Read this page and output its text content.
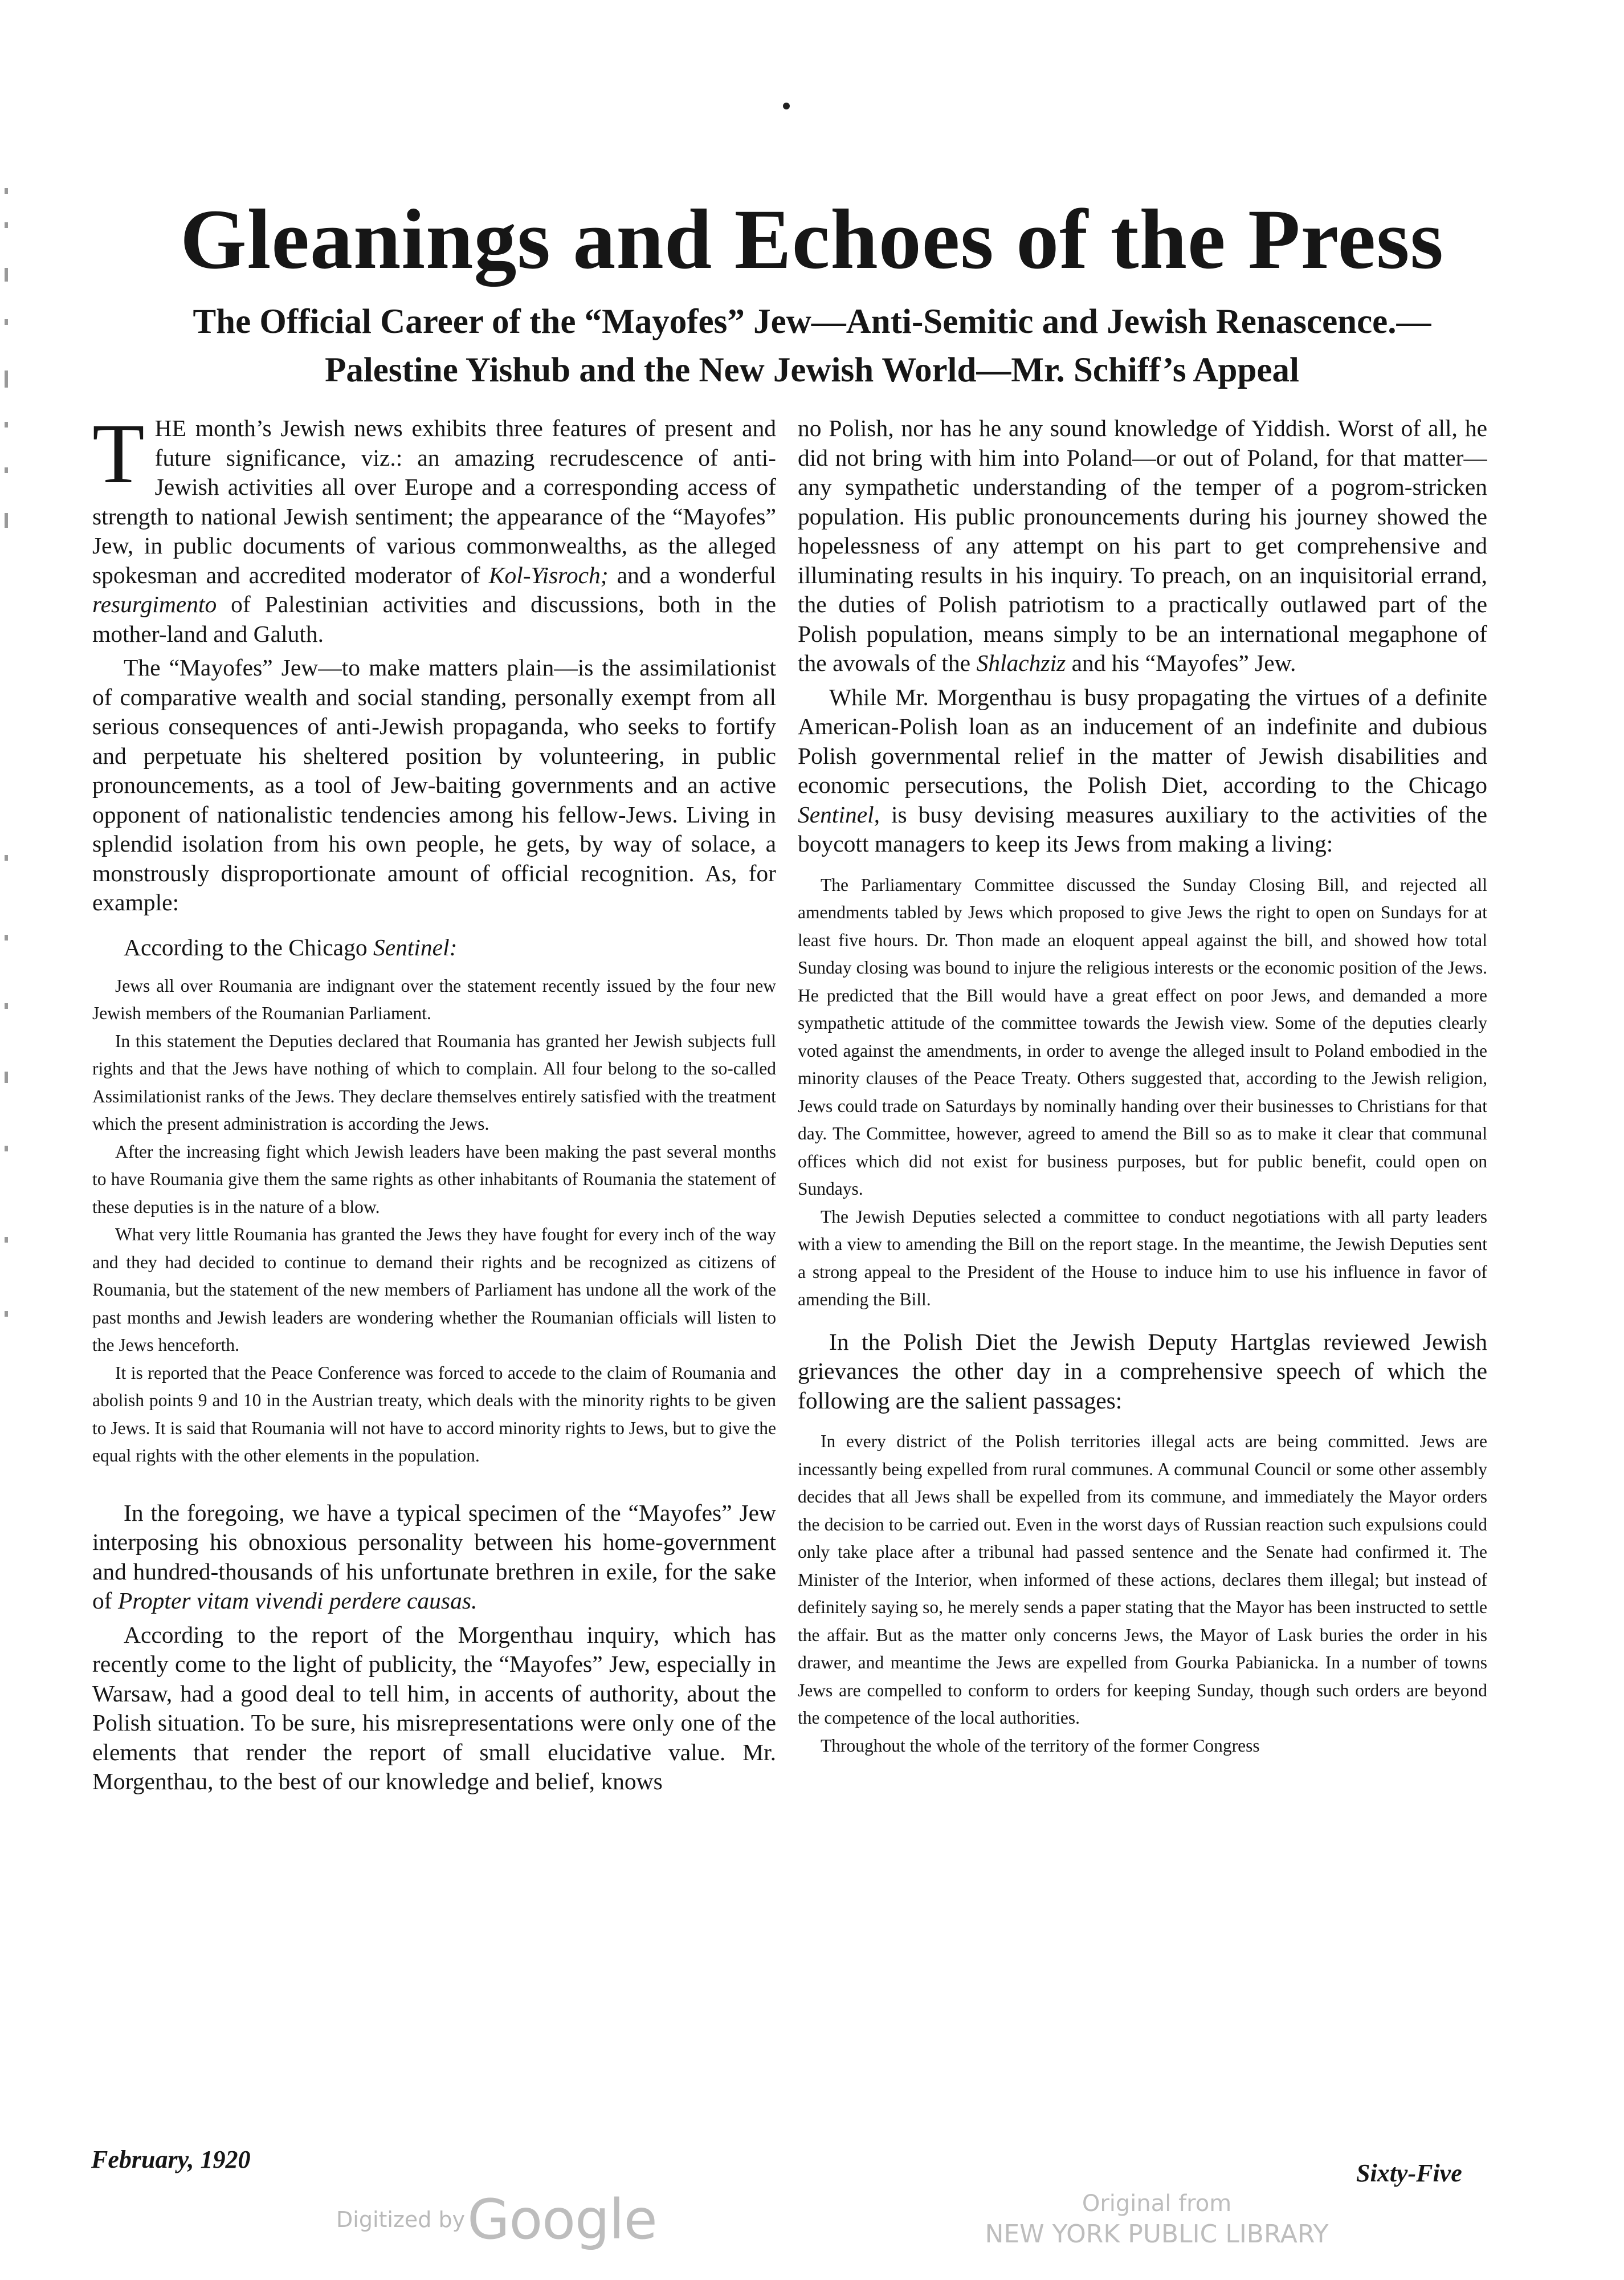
Gleanings and Echoes of the Press
The Official Career of the “Mayofes” Jew—Anti-Semitic and Jewish Renascence.—
Palestine Yishub and the New Jewish World—Mr. Schiff’s Appeal

THE month’s Jewish news exhibits three features of present and future significance, viz.: an amazing recrudescence of anti-Jewish activities all over Europe and a corresponding access of strength to national Jewish sentiment; the appearance of the “Mayofes” Jew, in public documents of various commonwealths, as the alleged spokesman and accredited moderator of Kol-Yisroch; and a wonderful resurgimento of Palestinian activities and discussions, both in the mother-land and Galuth.

The “Mayofes” Jew—to make matters plain—is the assimilationist of comparative wealth and social standing, personally exempt from all serious consequences of anti-Jewish propaganda, who seeks to fortify and perpetuate his sheltered position by volunteering, in public pronouncements, as a tool of Jew-baiting governments and an active opponent of nationalistic tendencies among his fellow-Jews. Living in splendid isolation from his own people, he gets, by way of solace, a monstrously disproportionate amount of official recognition. As, for example:

According to the Chicago Sentinel:

Jews all over Roumania are indignant over the statement recently issued by the four new Jewish members of the Roumanian Parliament.

In this statement the Deputies declared that Roumania has granted her Jewish subjects full rights and that the Jews have nothing of which to complain. All four belong to the so-called Assimilationist ranks of the Jews. They declare themselves entirely satisfied with the treatment which the present administration is according the Jews.

After the increasing fight which Jewish leaders have been making the past several months to have Roumania give them the same rights as other inhabitants of Roumania the statement of these deputies is in the nature of a blow.

What very little Roumania has granted the Jews they have fought for every inch of the way and they had decided to continue to demand their rights and be recognized as citizens of Roumania, but the statement of the new members of Parliament has undone all the work of the past months and Jewish leaders are wondering whether the Roumanian officials will listen to the Jews henceforth.

It is reported that the Peace Conference was forced to accede to the claim of Roumania and abolish points 9 and 10 in the Austrian treaty, which deals with the minority rights to be given to Jews. It is said that Roumania will not have to accord minority rights to Jews, but to give the equal rights with the other elements in the population.

In the foregoing, we have a typical specimen of the “Mayofes” Jew interposing his obnoxious personality between his home-government and hundred-thousands of his unfortunate brethren in exile, for the sake of Propter vitam vivendi perdere causas.

According to the report of the Morgenthau inquiry, which has recently come to the light of publicity, the “Mayofes” Jew, especially in Warsaw, had a good deal to tell him, in accents of authority, about the Polish situation. To be sure, his misrepresentations were only one of the elements that render the report of small elucidative value. Mr. Morgenthau, to the best of our knowledge and belief, knows

no Polish, nor has he any sound knowledge of Yiddish. Worst of all, he did not bring with him into Poland—or out of Poland, for that matter—any sympathetic understanding of the temper of a pogrom-stricken population. His public pronouncements during his journey showed the hopelessness of any attempt on his part to get comprehensive and illuminating results in his inquiry. To preach, on an inquisitorial errand, the duties of Polish patriotism to a practically outlawed part of the Polish population, means simply to be an international megaphone of the avowals of the Shlachziz and his “Mayofes” Jew.

While Mr. Morgenthau is busy propagating the virtues of a definite American-Polish loan as an inducement of an indefinite and dubious Polish governmental relief in the matter of Jewish disabilities and economic persecutions, the Polish Diet, according to the Chicago Sentinel, is busy devising measures auxiliary to the activities of the boycott managers to keep its Jews from making a living:

The Parliamentary Committee discussed the Sunday Closing Bill, and rejected all amendments tabled by Jews which proposed to give Jews the right to open on Sundays for at least five hours. Dr. Thon made an eloquent appeal against the bill, and showed how total Sunday closing was bound to injure the religious interests or the economic position of the Jews. He predicted that the Bill would have a great effect on poor Jews, and demanded a more sympathetic attitude of the committee towards the Jewish view. Some of the deputies clearly voted against the amendments, in order to avenge the alleged insult to Poland embodied in the minority clauses of the Peace Treaty. Others suggested that, according to the Jewish religion, Jews could trade on Saturdays by nominally handing over their businesses to Christians for that day. The Committee, however, agreed to amend the Bill so as to make it clear that communal offices which did not exist for business purposes, but for public benefit, could open on Sundays.

The Jewish Deputies selected a committee to conduct negotiations with all party leaders with a view to amending the Bill on the report stage. In the meantime, the Jewish Deputies sent a strong appeal to the President of the House to induce him to use his influence in favor of amending the Bill.

In the Polish Diet the Jewish Deputy Hartglas reviewed Jewish grievances the other day in a comprehensive speech of which the following are the salient passages:

In every district of the Polish territories illegal acts are being committed. Jews are incessantly being expelled from rural communes. A communal Council or some other assembly decides that all Jews shall be expelled from its commune, and immediately the Mayor orders the decision to be carried out. Even in the worst days of Russian reaction such expulsions could only take place after a tribunal had passed sentence and the Senate had confirmed it. The Minister of the Interior, when informed of these actions, declares them illegal; but instead of definitely saying so, he merely sends a paper stating that the Mayor has been instructed to settle the affair. But as the matter only concerns Jews, the Mayor of Lask buries the order in his drawer, and meantime the Jews are expelled from Gourka Pabianicka. In a number of towns Jews are compelled to conform to orders for keeping Sunday, though such orders are beyond the competence of the local authorities.

Throughout the whole of the territory of the former Congress

February, 1920	Sixty-Five
Digitized by Google	Original from
NEW YORK PUBLIC LIBRARY
